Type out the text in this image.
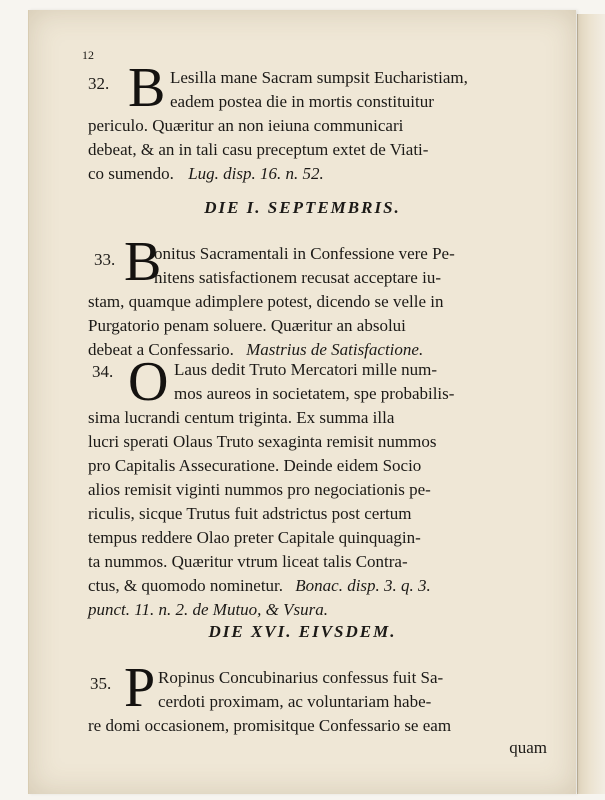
12
32. B Lesilla mane Sacram sumpsit Eucharistiam,
eadem postea die in mortis constituitur
periculo. Quæritur an non ieiuna communicari
debeat, & an in tali casu preceptum extet de Viati-
co sumendo. Lug. disp. 16. n. 52.
DIE I. SEPTEMBRIS.
33. B
onitus Sacramentali in Confessione vere Pe-
nitens satisfactionem recusat acceptare iu-
stam, quamque adimplere potest, dicendo se velle in
Purgatorio penam soluere. Quæritur an absolui
debeat a Confessario. Mastrius de Satisfactione.
34. O Laus dedit Truto Mercatori mille num-
mos aureos in societatem, spe probabilis-
sima lucrandi centum triginta. Ex summa illa
lucri sperati Olaus Truto sexaginta remisit nummos
pro Capitalis Assecuratione. Deinde eidem Socio
alios remisit viginti nummos pro negociationis pe-
riculis, sicque Trutus fuit adstrictus post certum
tempus reddere Olao preter Capitale quinquagin-
ta nummos. Quæritur vtrum liceat talis Contra-
ctus, & quomodo nominetur. Bonac. disp. 3. q. 3.
punct. 11. n. 2. de Mutuo, & Vsura.
DIE XVI. EIVSDEM.
35. P Ropinus Concubinarius confessus fuit Sa-
cerdoti proximam, ac voluntariam habe-
re domi occasionem, promisitque Confessario se eam
quam
